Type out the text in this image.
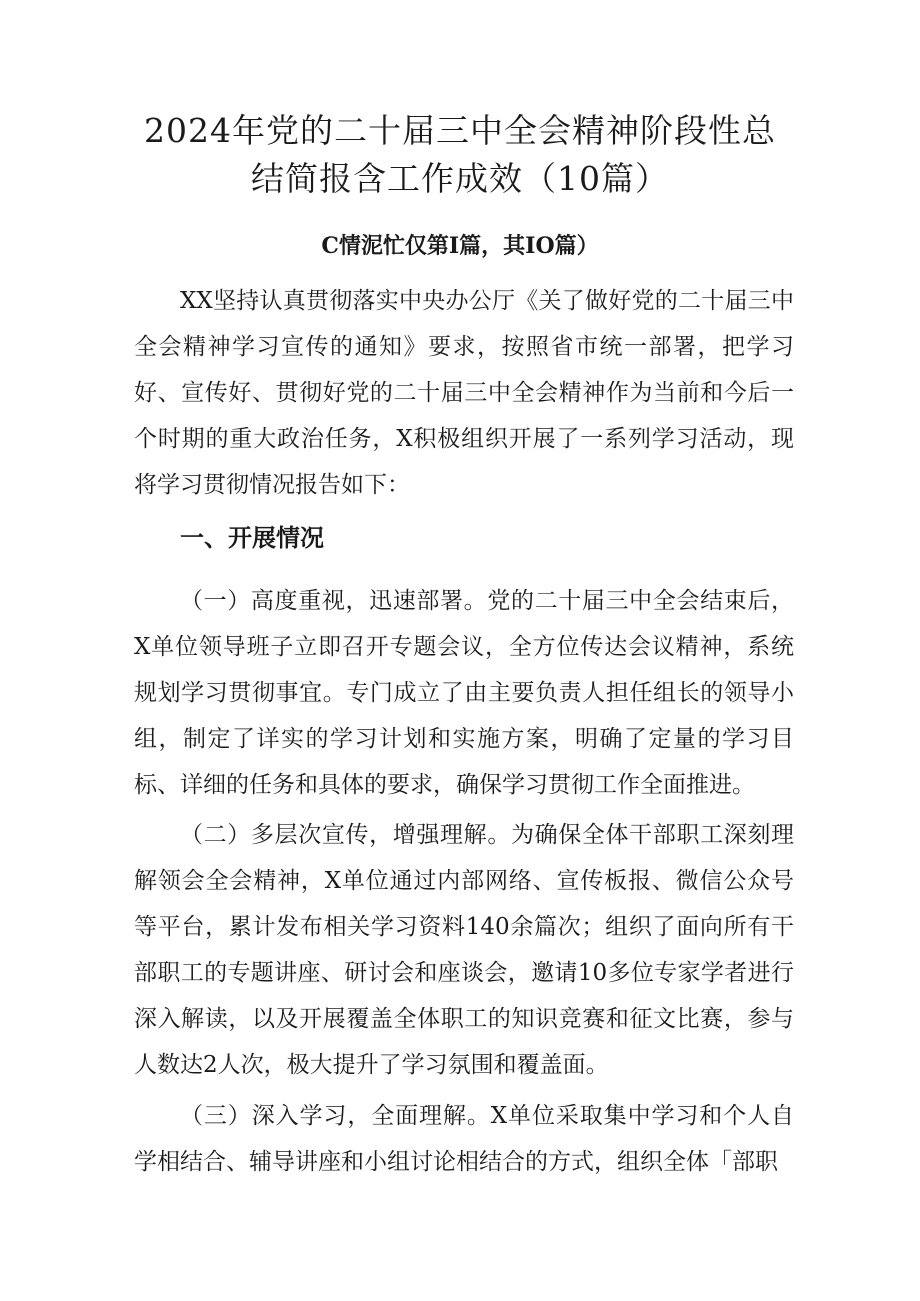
2024年党的二十届三中全会精神阶段性总
结简报含工作成效（10篇）
C情泥忙仅第I篇，其IO篇）

XX坚持认真贯彻落实中央办公厅《关了做好党的二十届三中全会精神学习宣传的通知》要求，按照省市统一部署，把学习好、宣传好、贯彻好党的二十届三中全会精神作为当前和今后一个时期的重大政治任务，X积极组织开展了一系列学习活动，现将学习贯彻情况报告如下：

一、开展情况

（一）高度重视，迅速部署。党的二十届三中全会结束后，X单位领导班子立即召开专题会议，全方位传达会议精神，系统规划学习贯彻事宜。专门成立了由主要负责人担任组长的领导小组，制定了详实的学习计划和实施方案，明确了定量的学习目标、详细的任务和具体的要求，确保学习贯彻工作全面推进。

（二）多层次宣传，增强理解。为确保全体干部职工深刻理解领会全会精神，X单位通过内部网络、宣传板报、微信公众号等平台，累计发布相关学习资料140余篇次；组织了面向所有干部职工的专题讲座、研讨会和座谈会，邀请10多位专家学者进行深入解读，以及开展覆盖全体职工的知识竞赛和征文比赛，参与人数达2人次，极大提升了学习氛围和覆盖面。

（三）深入学习，全面理解。X单位采取集中学习和个人自学相结合、辅导讲座和小组讨论相结合的方式，组织全体「部职
